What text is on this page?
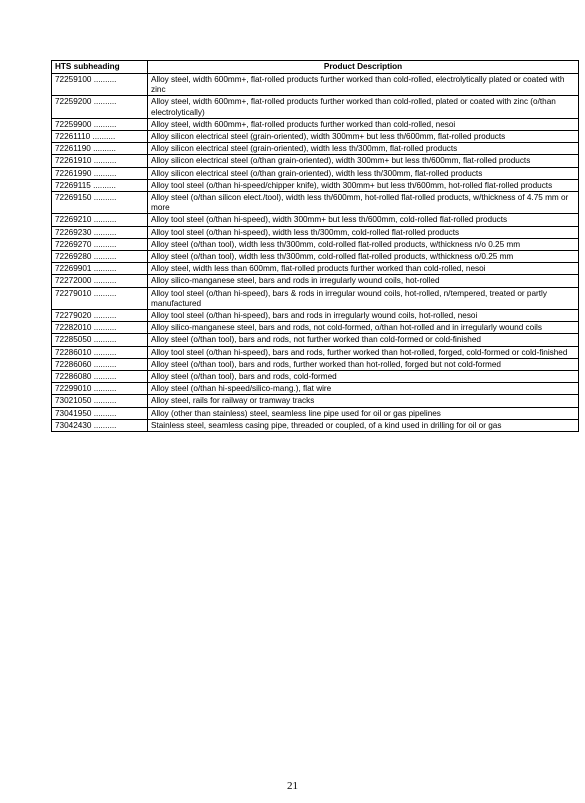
HTS subheading	Product Description
72259100 ..........	Alloy steel, width 600mm+, flat-rolled products further worked than cold-rolled, electrolytically plated or coated with zinc
72259200 ..........	Alloy steel, width 600mm+, flat-rolled products further worked than cold-rolled, plated or coated with zinc (o/than electrolytically)
72259900 ..........	Alloy steel, width 600mm+, flat-rolled products further worked than cold-rolled, nesoi
72261110 ..........	Alloy silicon electrical steel (grain-oriented), width 300mm+ but less th/600mm, flat-rolled products
72261190 ..........	Alloy silicon electrical steel (grain-oriented), width less th/300mm, flat-rolled products
72261910 ..........	Alloy silicon electrical steel (o/than grain-oriented), width 300mm+ but less th/600mm, flat-rolled products
72261990 ..........	Alloy silicon electrical steel (o/than grain-oriented), width less th/300mm, flat-rolled products
72269115 ..........	Alloy tool steel (o/than hi-speed/chipper knife), width 300mm+ but less th/600mm, hot-rolled flat-rolled products
72269150 ..........	Alloy steel (o/than silicon elect./tool), width less th/600mm, hot-rolled flat-rolled products, w/thickness of 4.75 mm or more
72269210 ..........	Alloy tool steel (o/than hi-speed), width 300mm+ but less th/600mm, cold-rolled flat-rolled products
72269230 ..........	Alloy tool steel (o/than hi-speed), width less th/300mm, cold-rolled flat-rolled products
72269270 ..........	Alloy steel (o/than tool), width less th/300mm, cold-rolled flat-rolled products, w/thickness n/o 0.25 mm
72269280 ..........	Alloy steel (o/than tool), width less th/300mm, cold-rolled flat-rolled products, w/thickness o/0.25 mm
72269901 ..........	Alloy steel, width less than 600mm, flat-rolled products further worked than cold-rolled, nesoi
72272000 ..........	Alloy silico-manganese steel, bars and rods in irregularly wound coils, hot-rolled
72279010 ..........	Alloy tool steel (o/than hi-speed), bars & rods in irregular wound coils, hot-rolled, n/tempered, treated or partly manufactured
72279020 ..........	Alloy tool steel (o/than hi-speed), bars and rods in irregularly wound coils, hot-rolled, nesoi
72282010 ..........	Alloy silico-manganese steel, bars and rods, not cold-formed, o/than hot-rolled and in irregularly wound coils
72285050 ..........	Alloy steel (o/than tool), bars and rods, not further worked than cold-formed or cold-finished
72286010 ..........	Alloy tool steel (o/than hi-speed), bars and rods, further worked than hot-rolled, forged, cold-formed or cold-finished
72286060 ..........	Alloy steel (o/than tool), bars and rods, further worked than hot-rolled, forged but not cold-formed
72286080 ..........	Alloy steel (o/than tool), bars and rods, cold-formed
72299010 ..........	Alloy steel (o/than hi-speed/silico-mang.), flat wire
73021050 ..........	Alloy steel, rails for railway or tramway tracks
73041950 ..........	Alloy (other than stainless) steel, seamless line pipe used for oil or gas pipelines
73042430 ..........	Stainless steel, seamless casing pipe, threaded or coupled, of a kind used in drilling for oil or gas
21
